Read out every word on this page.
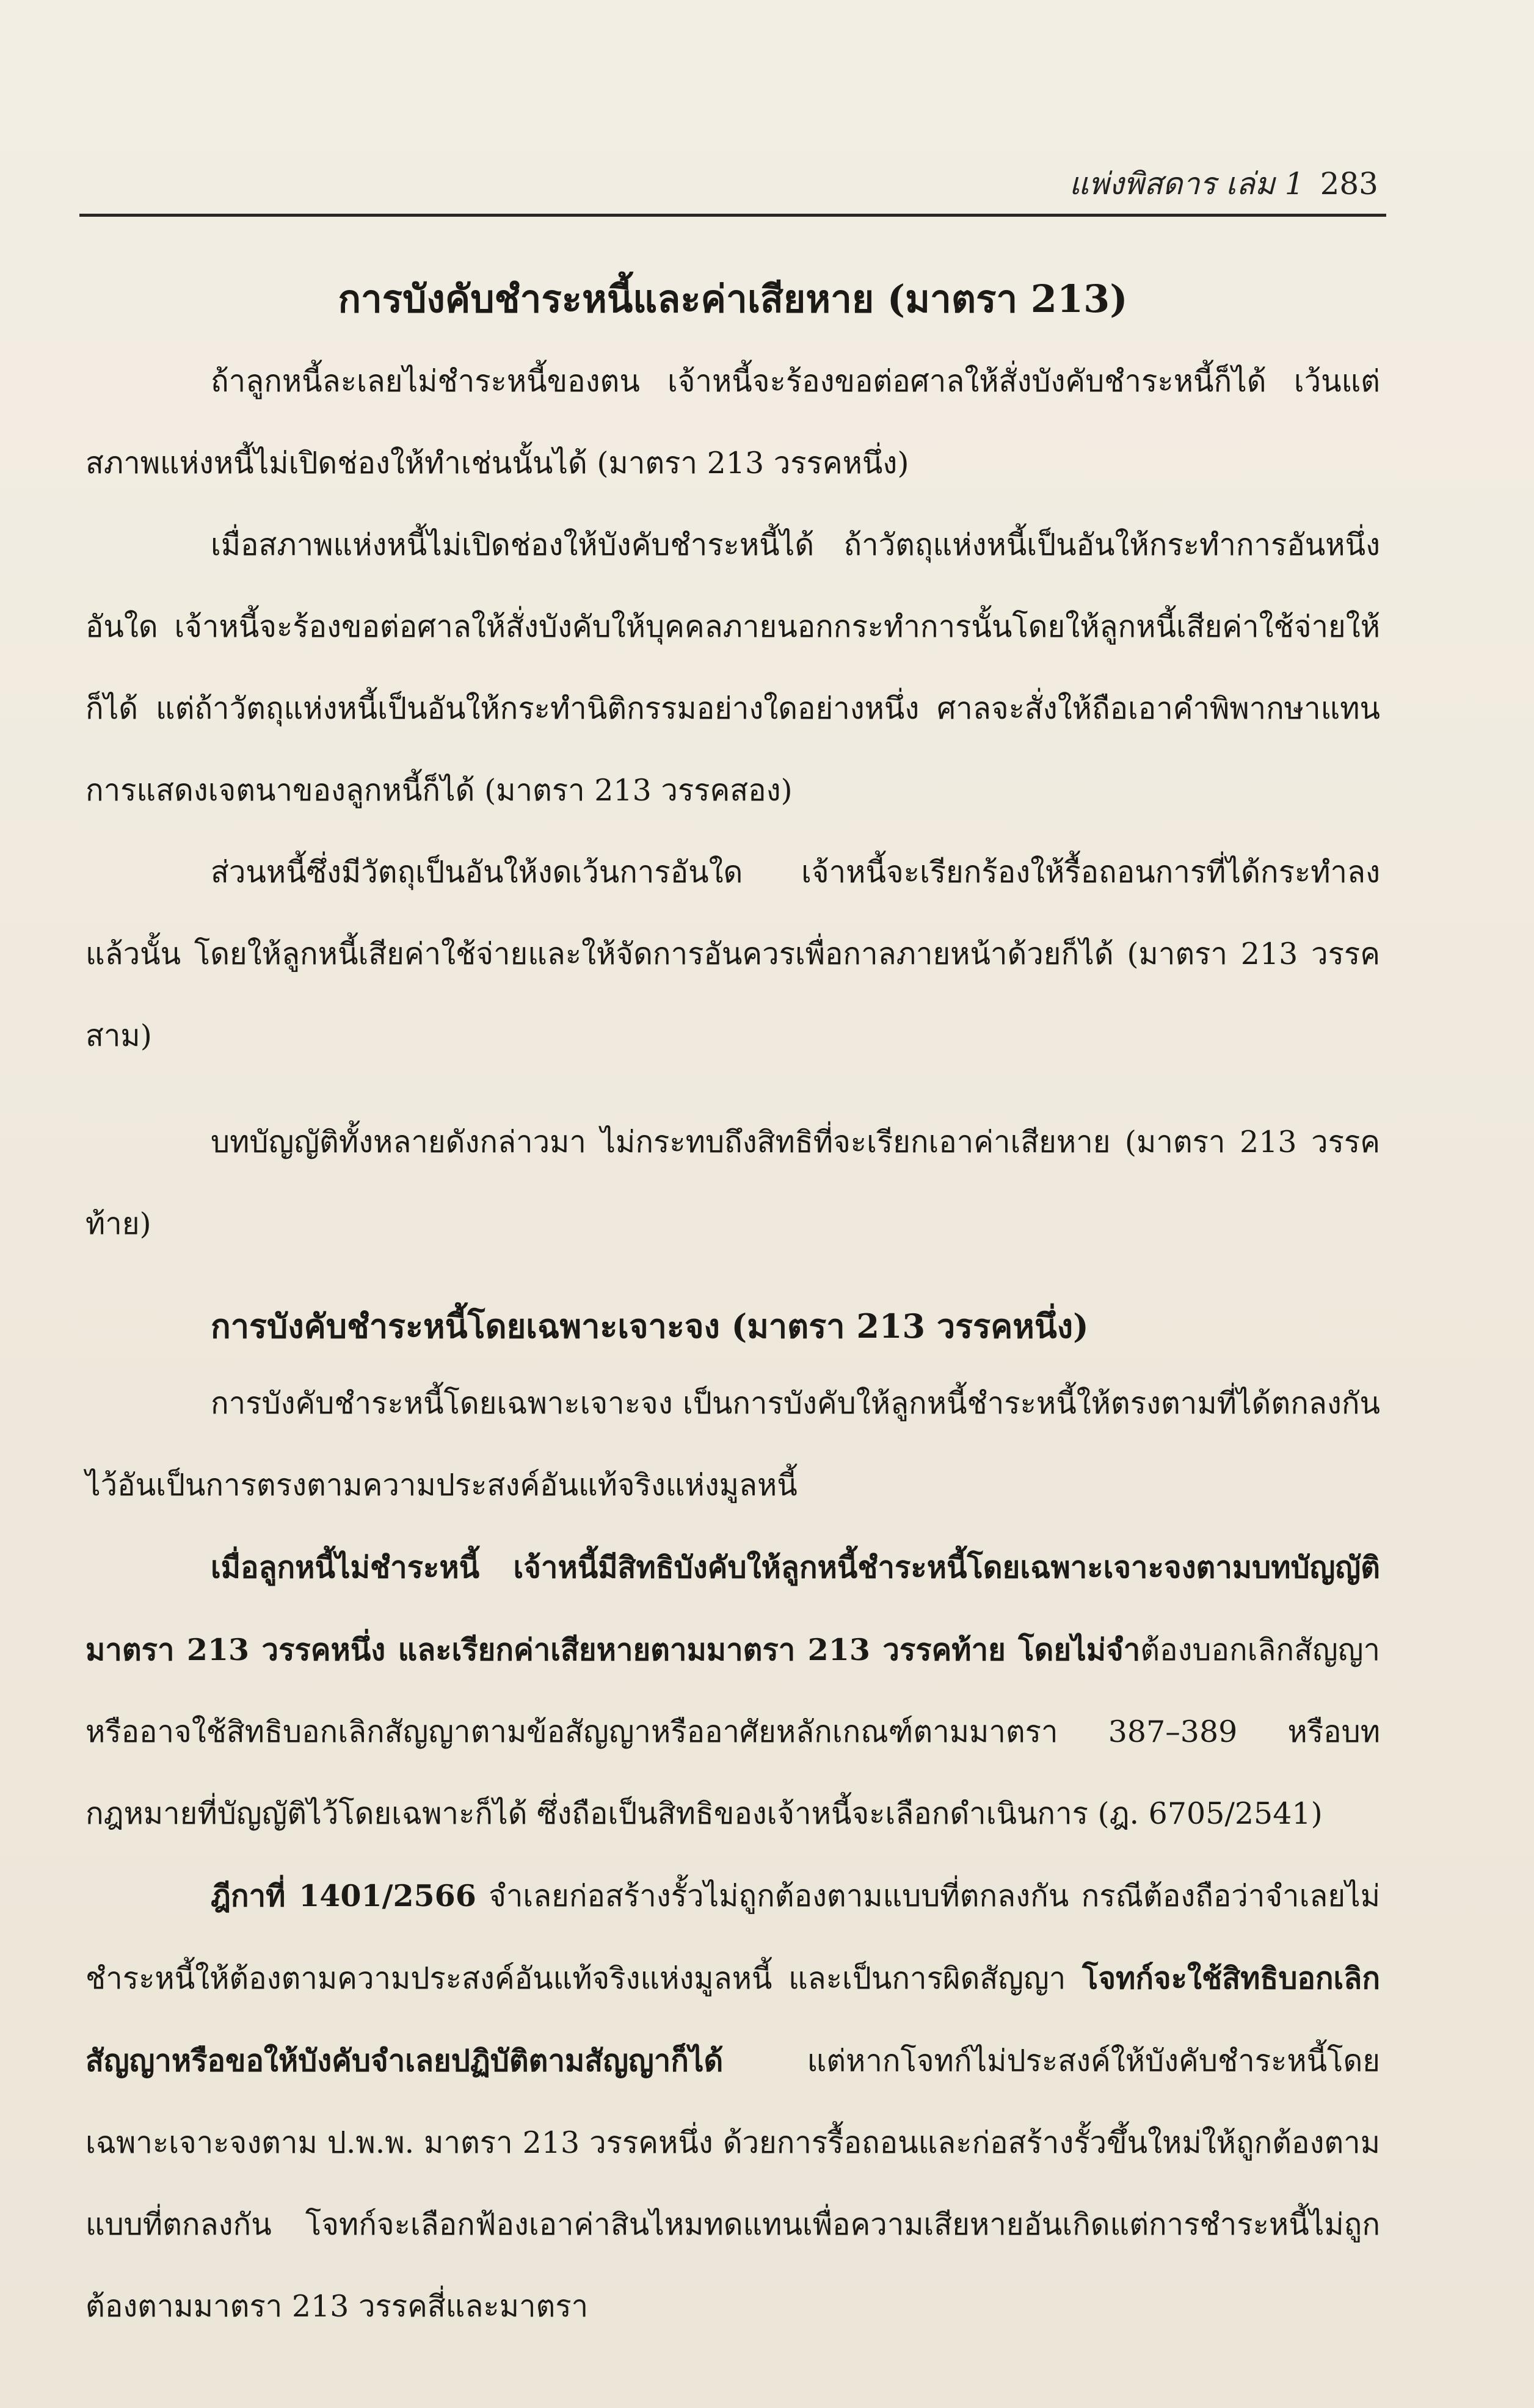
แพ่งพิสดาร เล่ม 1 283
การบังคับชำระหนี้และค่าเสียหาย (มาตรา 213)

ถ้าลูกหนี้ละเลยไม่ชำระหนี้ของตน เจ้าหนี้จะร้องขอต่อศาลให้สั่งบังคับชำระหนี้ก็ได้ เว้นแต่สภาพแห่งหนี้ไม่เปิดช่องให้ทำเช่นนั้นได้ (มาตรา 213 วรรคหนึ่ง)

เมื่อสภาพแห่งหนี้ไม่เปิดช่องให้บังคับชำระหนี้ได้ ถ้าวัตถุแห่งหนี้เป็นอันให้กระทำการอันหนึ่งอันใด เจ้าหนี้จะร้องขอต่อศาลให้สั่งบังคับให้บุคคลภายนอกกระทำการนั้นโดยให้ลูกหนี้เสียค่าใช้จ่ายให้ก็ได้ แต่ถ้าวัตถุแห่งหนี้เป็นอันให้กระทำนิติกรรมอย่างใดอย่างหนึ่ง ศาลจะสั่งให้ถือเอาคำพิพากษาแทนการแสดงเจตนาของลูกหนี้ก็ได้ (มาตรา 213 วรรคสอง)

ส่วนหนี้ซึ่งมีวัตถุเป็นอันให้งดเว้นการอันใด เจ้าหนี้จะเรียกร้องให้รื้อถอนการที่ได้กระทำลงแล้วนั้น โดยให้ลูกหนี้เสียค่าใช้จ่ายและให้จัดการอันควรเพื่อกาลภายหน้าด้วยก็ได้ (มาตรา 213 วรรคสาม)

บทบัญญัติทั้งหลายดังกล่าวมา ไม่กระทบถึงสิทธิที่จะเรียกเอาค่าเสียหาย (มาตรา 213 วรรคท้าย)

การบังคับชำระหนี้โดยเฉพาะเจาะจง (มาตรา 213 วรรคหนึ่ง)

การบังคับชำระหนี้โดยเฉพาะเจาะจง เป็นการบังคับให้ลูกหนี้ชำระหนี้ให้ตรงตามที่ได้ตกลงกันไว้อันเป็นการตรงตามความประสงค์อันแท้จริงแห่งมูลหนี้

เมื่อลูกหนี้ไม่ชำระหนี้ เจ้าหนี้มีสิทธิบังคับให้ลูกหนี้ชำระหนี้โดยเฉพาะเจาะจงตามบทบัญญัติมาตรา 213 วรรคหนึ่ง และเรียกค่าเสียหายตามมาตรา 213 วรรคท้าย โดยไม่จำต้องบอกเลิกสัญญา หรืออาจใช้สิทธิบอกเลิกสัญญาตามข้อสัญญาหรืออาศัยหลักเกณฑ์ตามมาตรา 387–389 หรือบทกฎหมายที่บัญญัติไว้โดยเฉพาะก็ได้ ซึ่งถือเป็นสิทธิของเจ้าหนี้จะเลือกดำเนินการ (ฎ. 6705/2541)

ฎีกาที่ 1401/2566 จำเลยก่อสร้างรั้วไม่ถูกต้องตามแบบที่ตกลงกัน กรณีต้องถือว่าจำเลยไม่ชำระหนี้ให้ต้องตามความประสงค์อันแท้จริงแห่งมูลหนี้ และเป็นการผิดสัญญา โจทก์จะใช้สิทธิบอกเลิกสัญญาหรือขอให้บังคับจำเลยปฏิบัติตามสัญญาก็ได้	แต่หากโจทก์ไม่ประสงค์ให้บังคับชำระหนี้โดยเฉพาะเจาะจงตาม ป.พ.พ. มาตรา 213 วรรคหนึ่ง ด้วยการรื้อถอนและก่อสร้างรั้วขึ้นใหม่ให้ถูกต้องตามแบบที่ตกลงกัน โจทก์จะเลือกฟ้องเอาค่าสินไหมทดแทนเพื่อความเสียหายอันเกิดแต่การชำระหนี้ไม่ถูกต้องตามมาตรา 213 วรรคสี่และมาตรา
